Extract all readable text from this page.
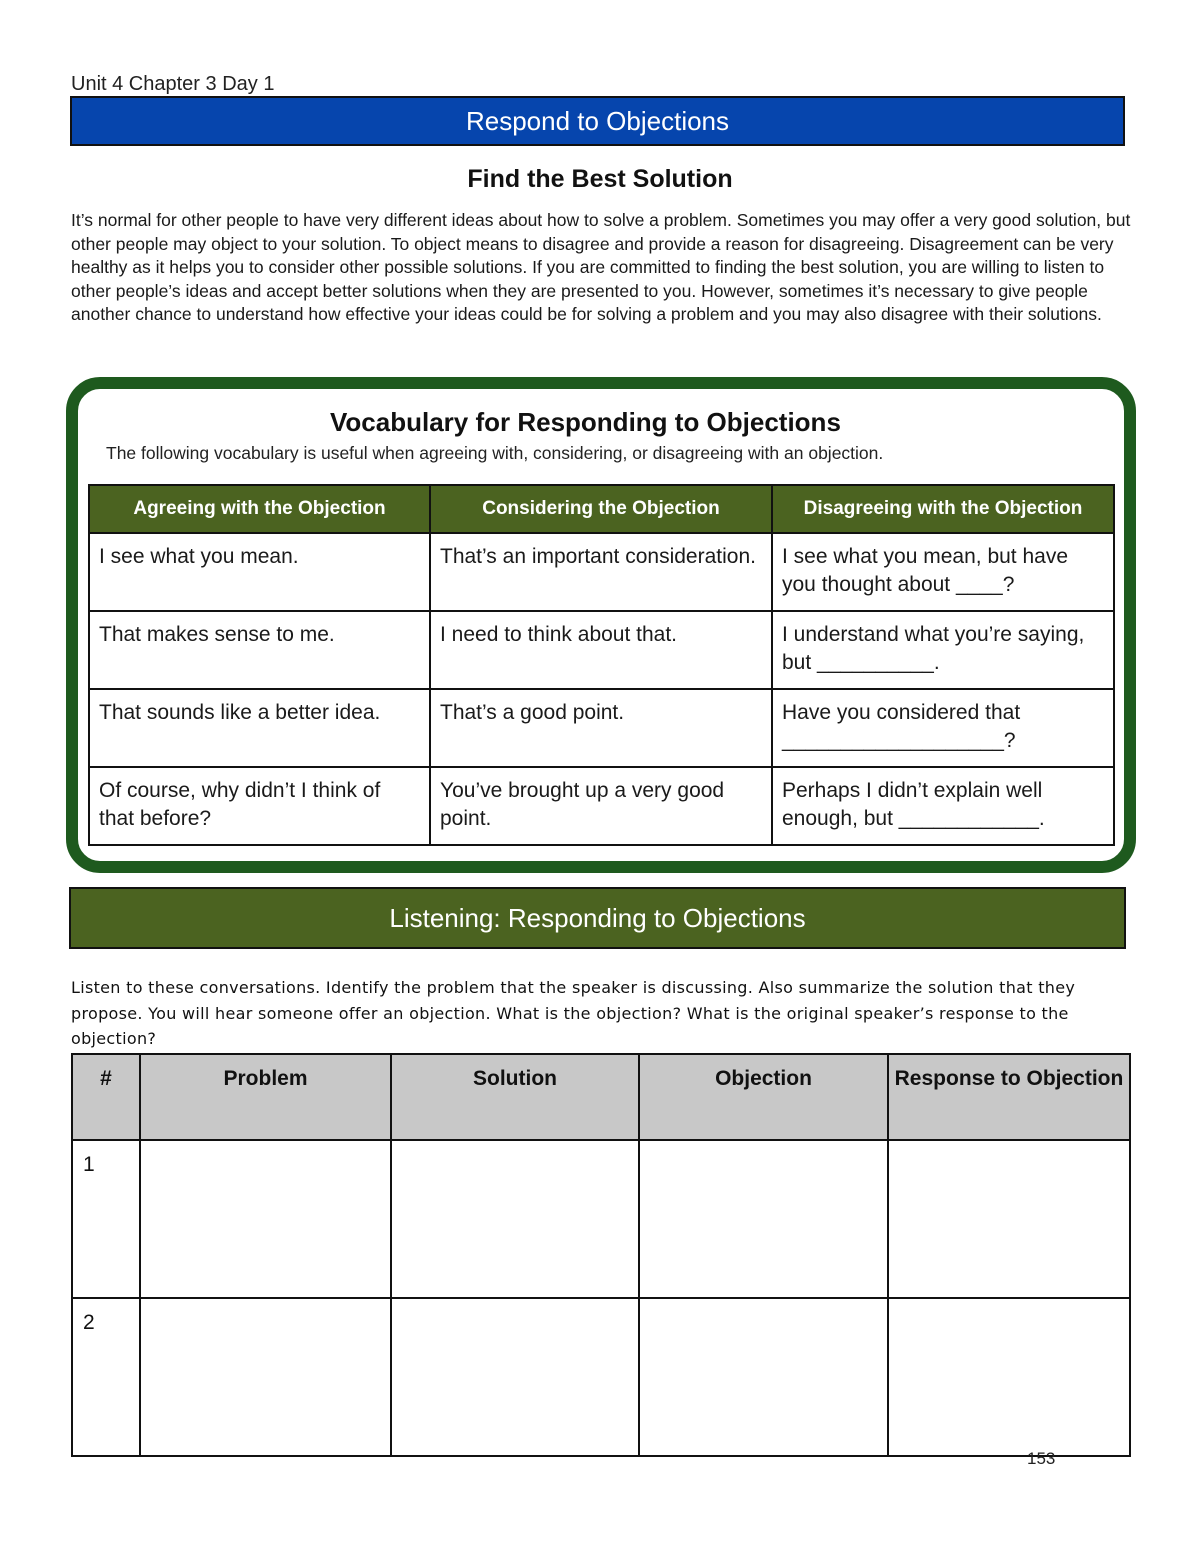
Unit 4 Chapter 3 Day 1
Respond to Objections
Find the Best Solution
It’s normal for other people to have very different ideas about how to solve a problem. Sometimes you may offer a very good solution, but other people may object to your solution. To object means to disagree and provide a reason for disagreeing. Disagreement can be very healthy as it helps you to consider other possible solutions. If you are committed to finding the best solution, you are willing to listen to other people’s ideas and accept better solutions when they are presented to you. However, sometimes it’s necessary to give people another chance to understand how effective your ideas could be for solving a problem and you may also disagree with their solutions.
Vocabulary for Responding to Objections
The following vocabulary is useful when agreeing with, considering, or disagreeing with an objection.
Agreeing with the Objection	Considering the Objection	Disagreeing with the Objection
I see what you mean.	That’s an important consideration.	I see what you mean, but have you thought about ____?
That makes sense to me.	I need to think about that.	I understand what you’re saying, but __________.
That sounds like a better idea.	That’s a good point.	Have you considered that ___________________?
Of course, why didn’t I think of that before?	You’ve brought up a very good point.	Perhaps I didn’t explain well enough, but ____________.
Listening: Responding to Objections
Listen to these conversations. Identify the problem that the speaker is discussing. Also summarize the solution that they propose. You will hear someone offer an objection. What is the objection? What is the original speaker’s response to the objection?
#	Problem	Solution	Objection	Response to Objection
1				
2				
153
